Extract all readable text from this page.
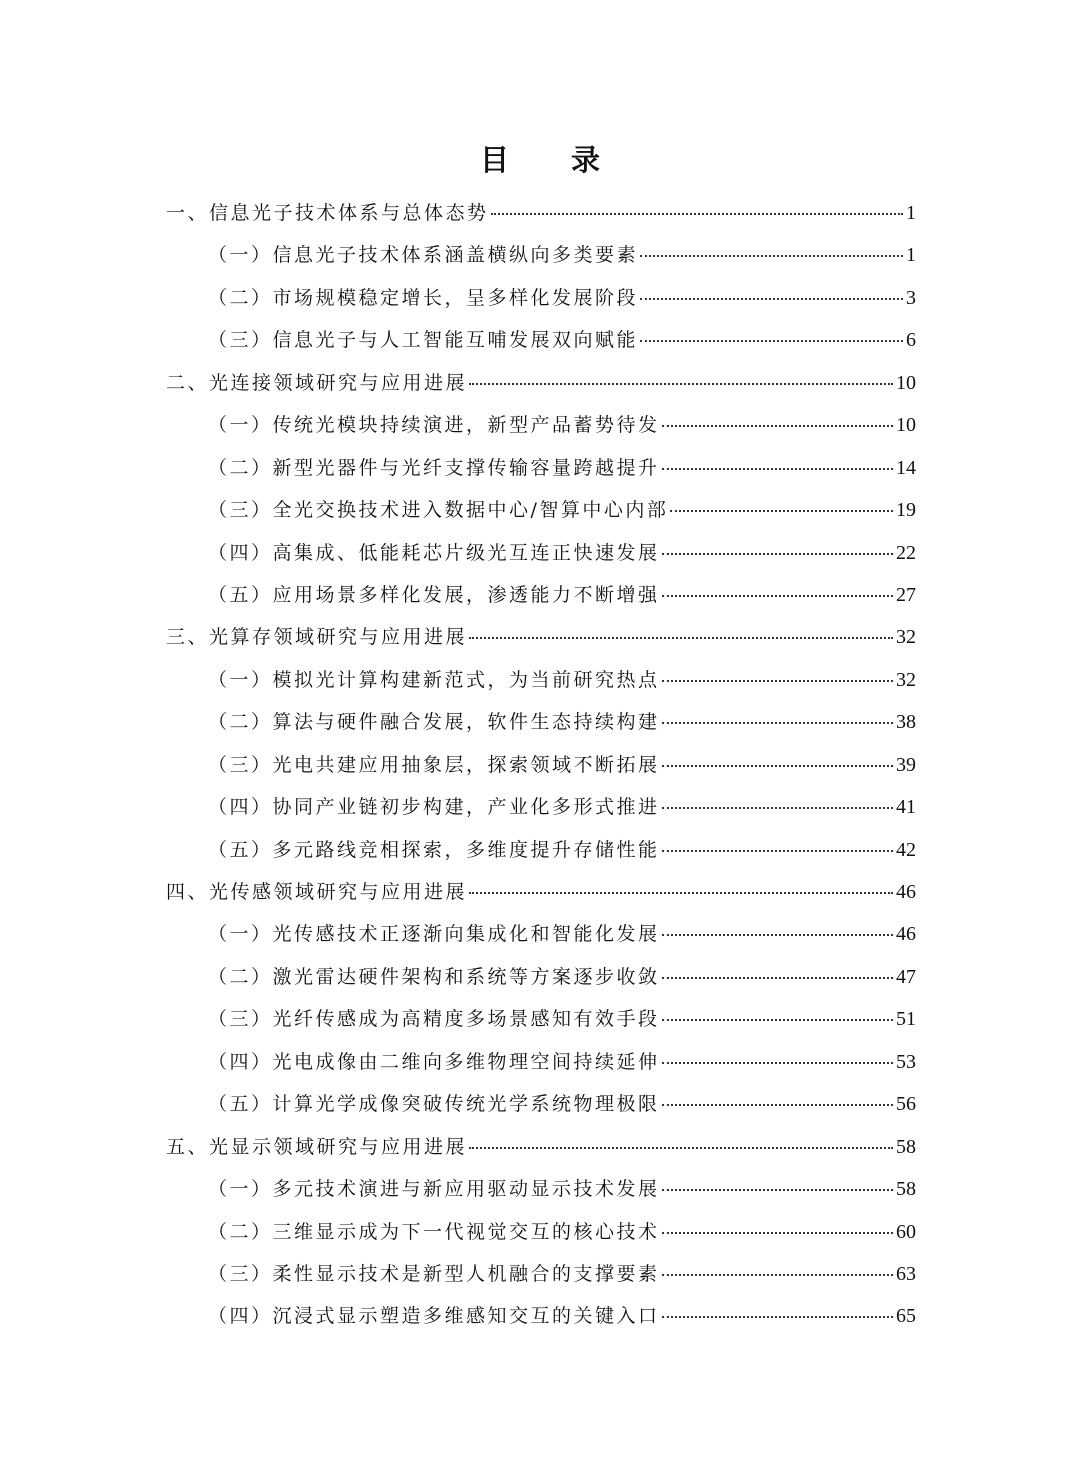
目 录
一、信息光子技术体系与总体态势	1
（一）信息光子技术体系涵盖横纵向多类要素	1
（二）市场规模稳定增长，呈多样化发展阶段	3
（三）信息光子与人工智能互哺发展双向赋能	6
二、光连接领域研究与应用进展	10
（一）传统光模块持续演进，新型产品蓄势待发	10
（二）新型光器件与光纤支撑传输容量跨越提升	14
（三）全光交换技术进入数据中心/智算中心内部	19
（四）高集成、低能耗芯片级光互连正快速发展	22
（五）应用场景多样化发展，渗透能力不断增强	27
三、光算存领域研究与应用进展	32
（一）模拟光计算构建新范式，为当前研究热点	32
（二）算法与硬件融合发展，软件生态持续构建	38
（三）光电共建应用抽象层，探索领域不断拓展	39
（四）协同产业链初步构建，产业化多形式推进	41
（五）多元路线竞相探索，多维度提升存储性能	42
四、光传感领域研究与应用进展	46
（一）光传感技术正逐渐向集成化和智能化发展	46
（二）激光雷达硬件架构和系统等方案逐步收敛	47
（三）光纤传感成为高精度多场景感知有效手段	51
（四）光电成像由二维向多维物理空间持续延伸	53
（五）计算光学成像突破传统光学系统物理极限	56
五、光显示领域研究与应用进展	58
（一）多元技术演进与新应用驱动显示技术发展	58
（二）三维显示成为下一代视觉交互的核心技术	60
（三）柔性显示技术是新型人机融合的支撑要素	63
（四）沉浸式显示塑造多维感知交互的关键入口	65
